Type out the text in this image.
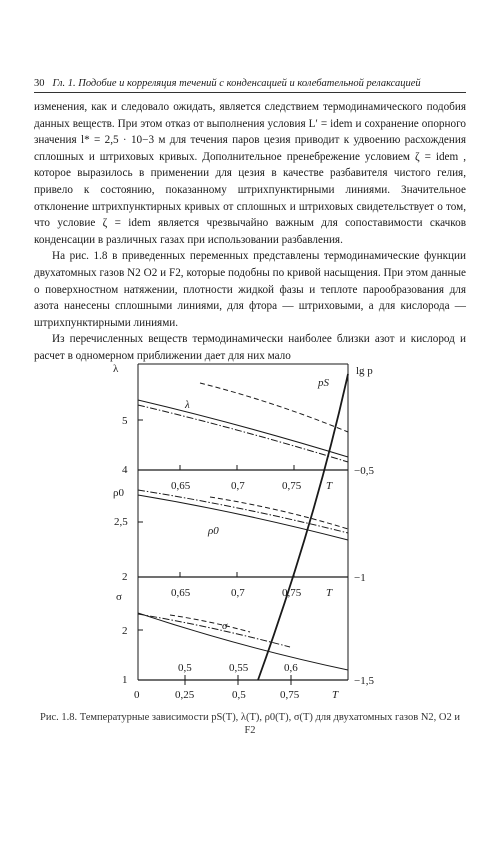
30 Гл. 1. Подобие и корреляция течений с конденсацией и колебательной релаксацией

изменения, как и следовало ожидать, является следствием термодинамического подобия данных веществ. При этом отказ от выполнения условия L′ = idem и сохранение опорного значения l* = 2,5 · 10−3 м для течения паров цезия приводит к удвоению расхождения сплошных и штриховых кривых. Дополнительное пренебрежение условием ζ = idem , которое выразилось в применении для цезия в качестве разбавителя чистого гелия, привело к состоянию, показанному штрихпунктирными линиями. Значительное отклонение штрихпунктирных кривых от сплошных и штриховых свидетельствует о том, что условие ζ = idem является чрезвычайно важным для сопоставимости скачков конденсации в различных газах при использовании разбавления.

На рис. 1.8 в приведенных переменных представлены термодинамические функции двухатомных газов N2 O2 и F2, которые подобны по кривой насыщения. При этом данные о поверхностном натяжении, плотности жидкой фазы и теплоте парообразования для азота нанесены сплошными линиями, для фтора — штриховыми, а для кислорода — штрихпунктирными линиями.

Из перечисленных веществ термодинамически наиболее близки азот и кислород и расчет в одномерном приближении дает для них мало

λ
5
4
ρ0
2,5
2
σ
2
1
lg p
−0,5
−1
−1,5
0,65	0,7	0,75 T
0,65	0,7	0,75 T
0,5	0,55	0,6
0	0,25	0,5	0,75	T
pS
λ
ρ0
σ
Рис. 1.8. Температурные зависимости pS(T), λ(T), ρ0(T), σ(T) для двухатомных газов N2, O2 и F2
